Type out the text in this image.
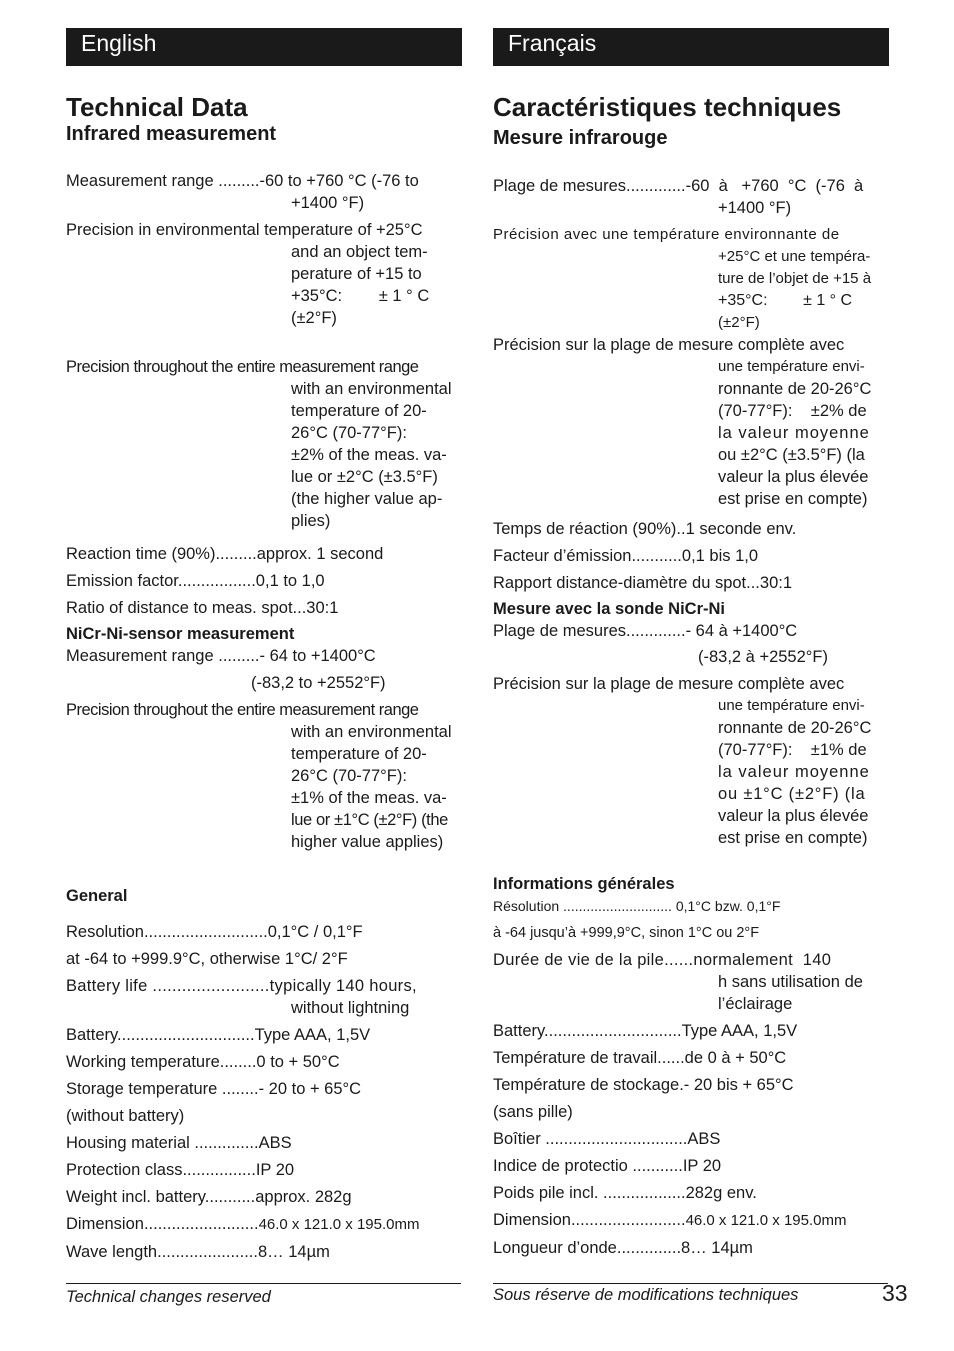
English
Technical Data
Infrared measurement
Measurement range .........-60 to +760 °C (-76 to
+1400 °F)
Precision in environmental temperature of +25°C
and an object tem-
perature of +15 to
+35°C:        ± 1 ° C
(±2°F)
Precision throughout the entire measurement range
with an environmental
temperature of 20-
26°C (70-77°F):
±2% of the meas. va-
lue or ±2°C (±3.5°F)
(the higher value ap-
plies)
Reaction time (90%).........approx. 1 second
Emission factor.................0,1 to 1,0
Ratio of distance to meas. spot...30:1
NiCr-Ni-sensor measurement
Measurement range .........- 64 to +1400°C
(-83,2 to +2552°F)
Precision throughout the entire measurement range
with an environmental
temperature of 20-
26°C (70-77°F):
±1% of the meas. va-
lue or ±1°C (±2°F) (the
higher value applies)
General
Resolution...........................0,1°C / 0,1°F
at -64 to +999.9°C, otherwise 1°C/ 2°F
Battery life ........................typically 140 hours,
without lightning
Battery..............................Type AAA, 1,5V
Working temperature........0 to + 50°C
Storage temperature ........- 20 to + 65°C
(without battery)
Housing material ..............ABS
Protection class................IP 20
Weight incl. battery...........approx. 282g
Dimension.........................46.0 x 121.0 x 195.0mm
Wave length......................8… 14µm
Français
Caractéristiques techniques
Mesure infrarouge
Plage de mesures.............-60  à   +760  °C  (-76  à
+1400 °F)
Précision avec une température environnante de
+25°C et une tempéra-
ture de l’objet de +15 à
+35°C:        ± 1 ° C
(±2°F)
Précision sur la plage de mesure complète avec
une température envi-
ronnante de 20-26°C
(70-77°F):    ±2% de
la valeur moyenne
ou ±2°C (±3.5°F) (la
valeur la plus élevée
est prise en compte)
Temps de réaction (90%)..1 seconde env.
Facteur d’émission...........0,1 bis 1,0
Rapport distance-diamètre du spot...30:1
Mesure avec la sonde NiCr-Ni
Plage de mesures.............- 64 à +1400°C
(-83,2 à +2552°F)
Précision sur la plage de mesure complète avec
une température envi-
ronnante de 20-26°C
(70-77°F):    ±1% de
la valeur moyenne
ou ±1°C (±2°F) (la
valeur la plus élevée
est prise en compte)
Informations générales
Résolution ............................ 0,1°C bzw. 0,1°F
à -64 jusqu’à +999,9°C, sinon 1°C ou 2°F
Durée de vie de la pile......normalement  140
h sans utilisation de
l’éclairage
Battery..............................Type AAA, 1,5V
Température de travail......de 0 à + 50°C
Température de stockage.- 20 bis + 65°C
(sans pille)
Boîtier ...............................ABS
Indice de protectio ...........IP 20
Poids pile incl. ..................282g env.
Dimension.........................46.0 x 121.0 x 195.0mm
Longueur d’onde..............8… 14µm
Technical changes reserved	Sous réserve de modifications techniques	33
